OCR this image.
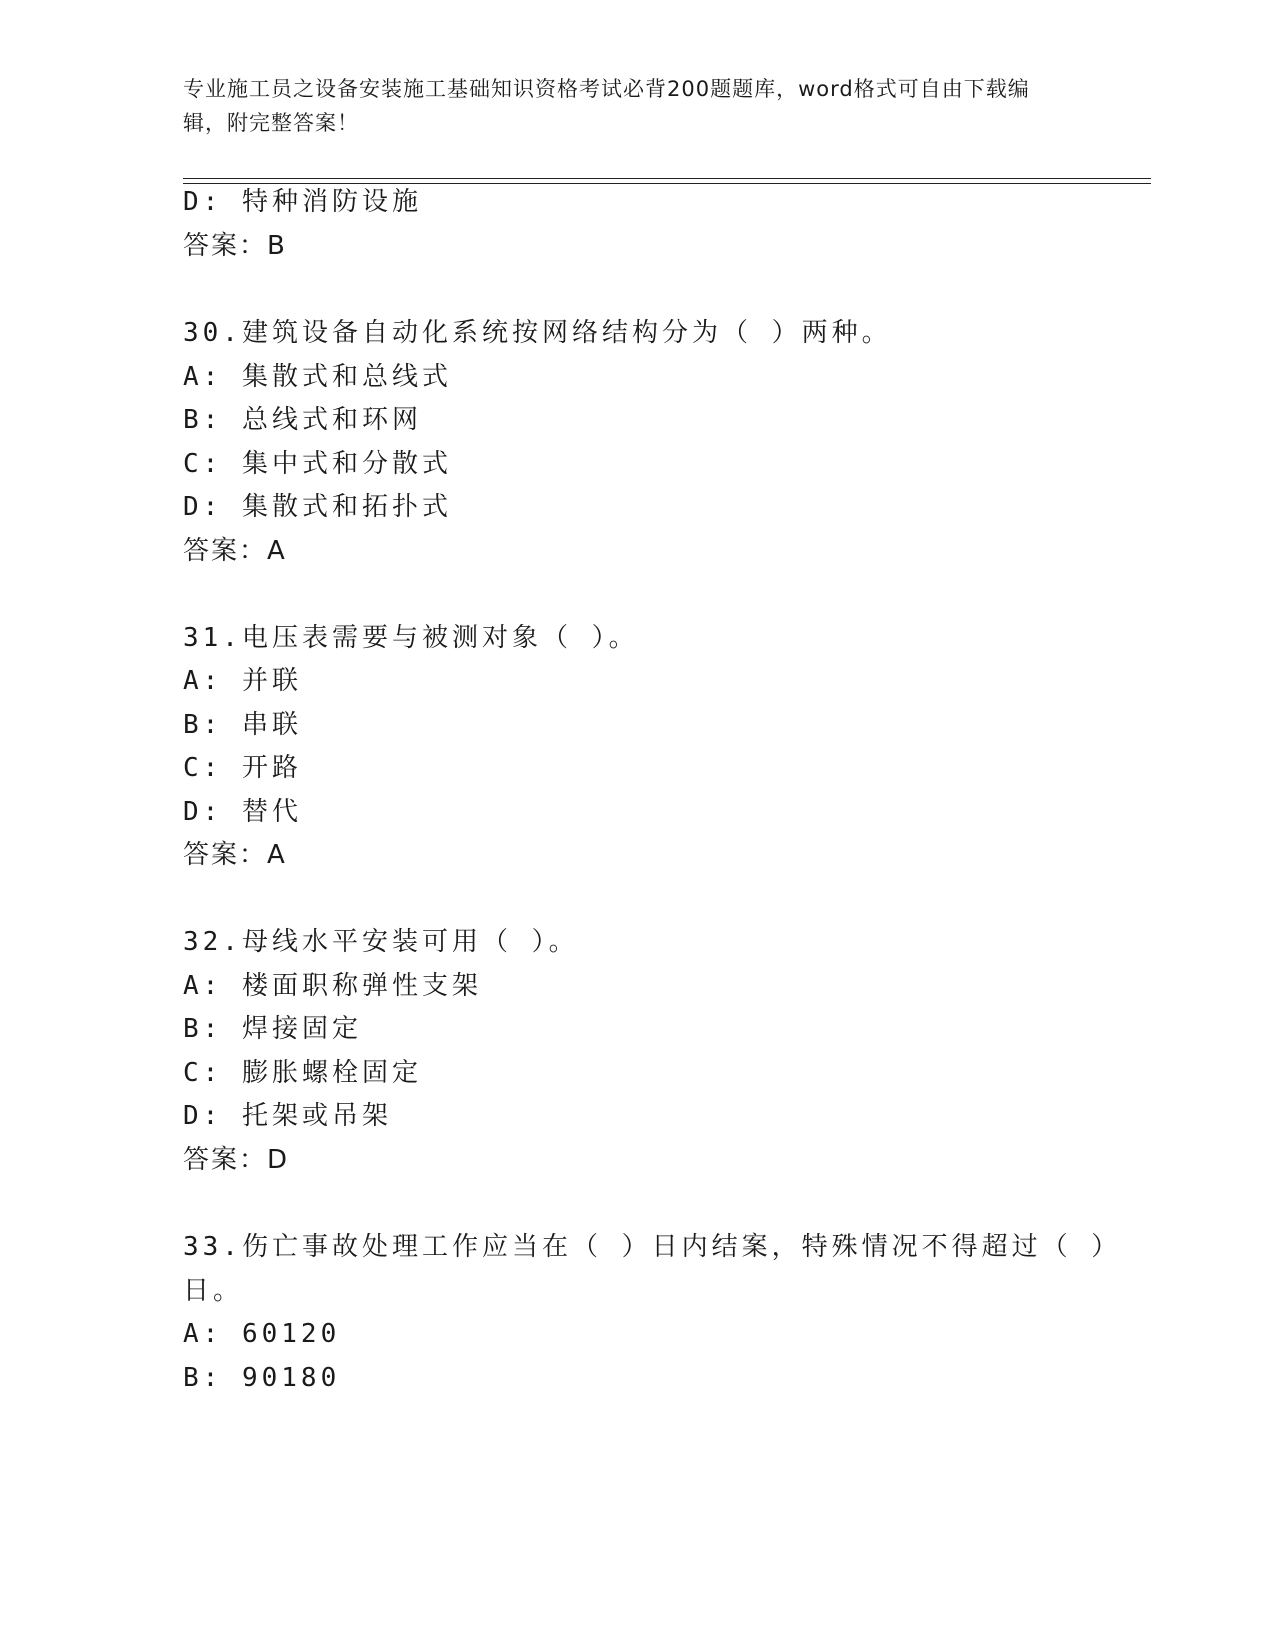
专业施工员之设备安装施工基础知识资格考试必背200题题库，word格式可自由下载编辑，附完整答案！
D: 特种消防设施
答案：B
30.建筑设备自动化系统按网络结构分为（ ）两种。
A: 集散式和总线式
B: 总线式和环网
C: 集中式和分散式
D: 集散式和拓扑式
答案：A
31.电压表需要与被测对象（ ）。
A: 并联
B: 串联
C: 开路
D: 替代
答案：A
32.母线水平安装可用（ ）。
A: 楼面职称弹性支架
B: 焊接固定
C: 膨胀螺栓固定
D: 托架或吊架
答案：D
33.伤亡事故处理工作应当在（ ）日内结案，特殊情况不得超过（ ）
日。
A: 60120
B: 90180
